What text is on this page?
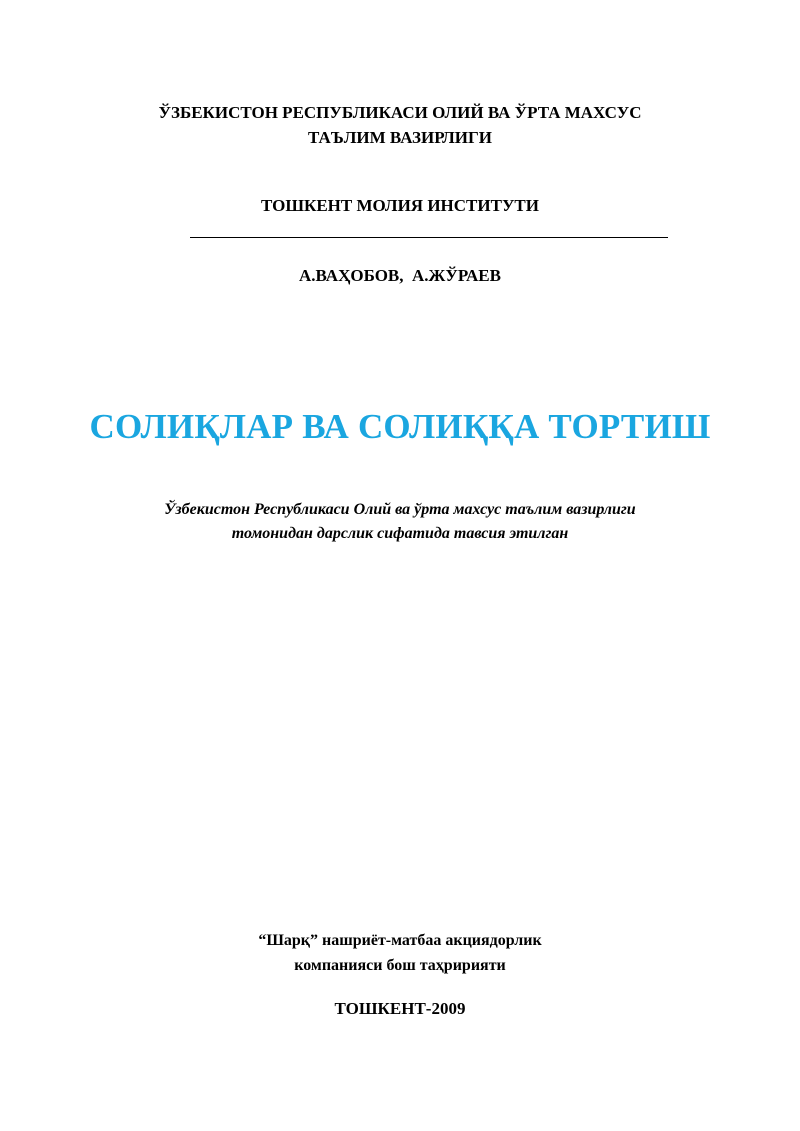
ЎЗБЕКИСТОН РЕСПУБЛИКАСИ ОЛИЙ ВА ЎРТА МАХСУС
ТАЪЛИМ ВАЗИРЛИГИ
ТОШКЕНТ МОЛИЯ ИНСТИТУТИ
А.ВАҲОБОВ,  А.ЖЎРАЕВ
СОЛИҚЛАР ВА СОЛИҚҚА ТОРТИШ
Ўзбекистон Республикаси Олий ва ўрта махсус таълим вазирлиги
томонидан дарслик сифатида тавсия этилган
“Шарқ” нашриёт-матбаа акциядорлик
компанияси бош таҳририяти
ТОШКЕНТ-2009
